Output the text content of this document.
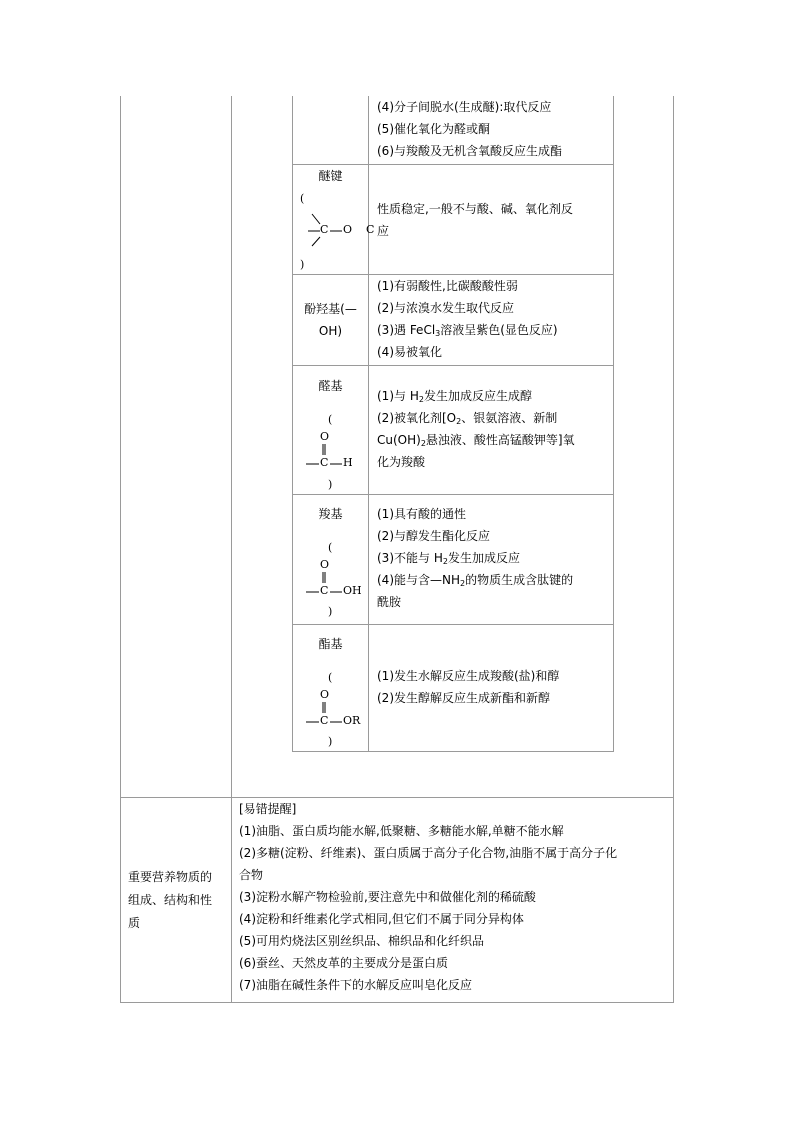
(4)分子间脱水(生成醚):取代反应
(5)催化氧化为醛或酮
(6)与羧酸及无机含氧酸反应生成酯
醚键
(
C O C
)
性质稳定,一般不与酸、碱、氧化剂反
应
酚羟基(—
OH)
(1)有弱酸性,比碳酸酸性弱
(2)与浓溴水发生取代反应
(3)遇 FeCl$_3$溶液呈紫色(显色反应)
(4)易被氧化
醛基
(
O
C H
)
(1)与 $H_2$发生加成反应生成醇
(2)被氧化剂[$O_2$、银氨溶液、新制
$Cu(OH)_2$悬浊液、酸性高锰酸钾等]氧
化为羧酸
羧基
(
O
C OH
)
(1)具有酸的通性
(2)与醇发生酯化反应
(3)不能与 $H_2$发生加成反应
(4)能与含$—NH_2$的物质生成含肽键的
酰胺
酯基
(
O
C OR
)
(1)发生水解反应生成羧酸(盐)和醇
(2)发生醇解反应生成新酯和新醇
重要营养物质的
组成、结构和性
质
[易错提醒]
(1)油脂、蛋白质均能水解,低聚糖、多糖能水解,单糖不能水解
(2)多糖(淀粉、纤维素)、蛋白质属于高分子化合物,油脂不属于高分子化
合物
(3)淀粉水解产物检验前,要注意先中和做催化剂的稀硫酸
(4)淀粉和纤维素化学式相同,但它们不属于同分异构体
(5)可用灼烧法区别丝织品、棉织品和化纤织品
(6)蚕丝、天然皮革的主要成分是蛋白质
(7)油脂在碱性条件下的水解反应叫皂化反应
